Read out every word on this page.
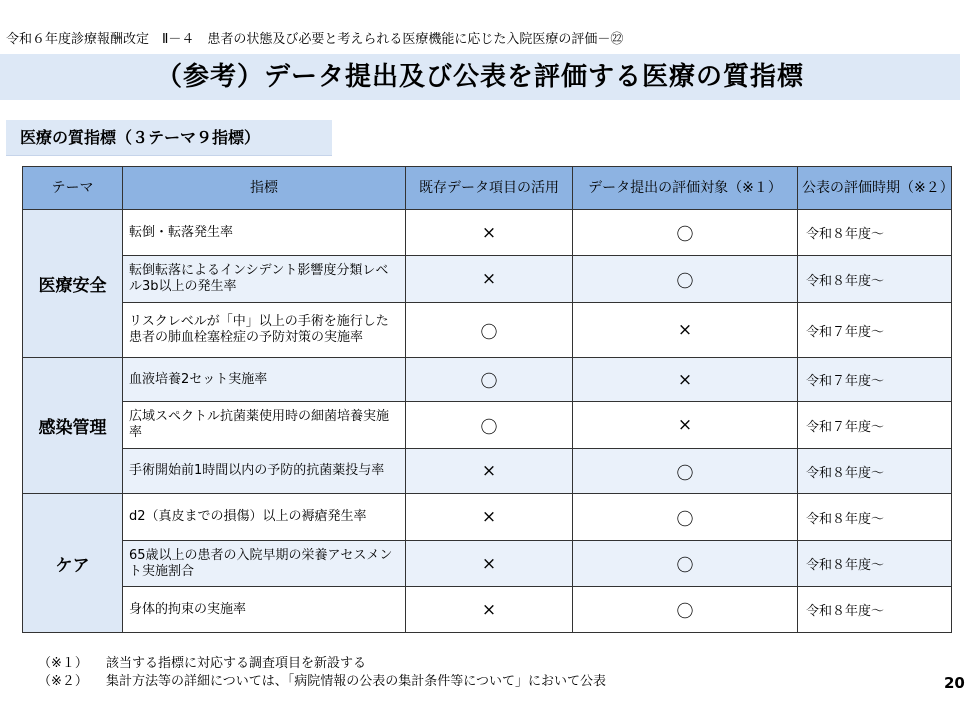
令和６年度診療報酬改定　Ⅱ－４　患者の状態及び必要と考えられる医療機能に応じた入院医療の評価－㉒
（参考）データ提出及び公表を評価する医療の質指標
医療の質指標（３テーマ９指標）
テーマ	指標	既存データ項目の活用	データ提出の評価対象（※１）	公表の評価時期（※２）
医療安全	転倒・転落発生率	×	〇	令和８年度～
	転倒転落によるインシデント影響度分類レベル3b以上の発生率	×	〇	令和８年度～
	リスクレベルが「中」以上の手術を施行した患者の肺血栓塞栓症の予防対策の実施率	〇	×	令和７年度～
感染管理	血液培養2セット実施率	〇	×	令和７年度～
	広域スペクトル抗菌薬使用時の細菌培養実施率	〇	×	令和７年度～
	手術開始前1時間以内の予防的抗菌薬投与率	×	〇	令和８年度～
ケア	d2（真皮までの損傷）以上の褥瘡発生率	×	〇	令和８年度～
	65歳以上の患者の入院早期の栄養アセスメント実施割合	×	〇	令和８年度～
	身体的拘束の実施率	×	〇	令和８年度～
（※１）	該当する指標に対応する調査項目を新設する
（※２）	集計方法等の詳細については、「病院情報の公表の集計条件等について」において公表	20
